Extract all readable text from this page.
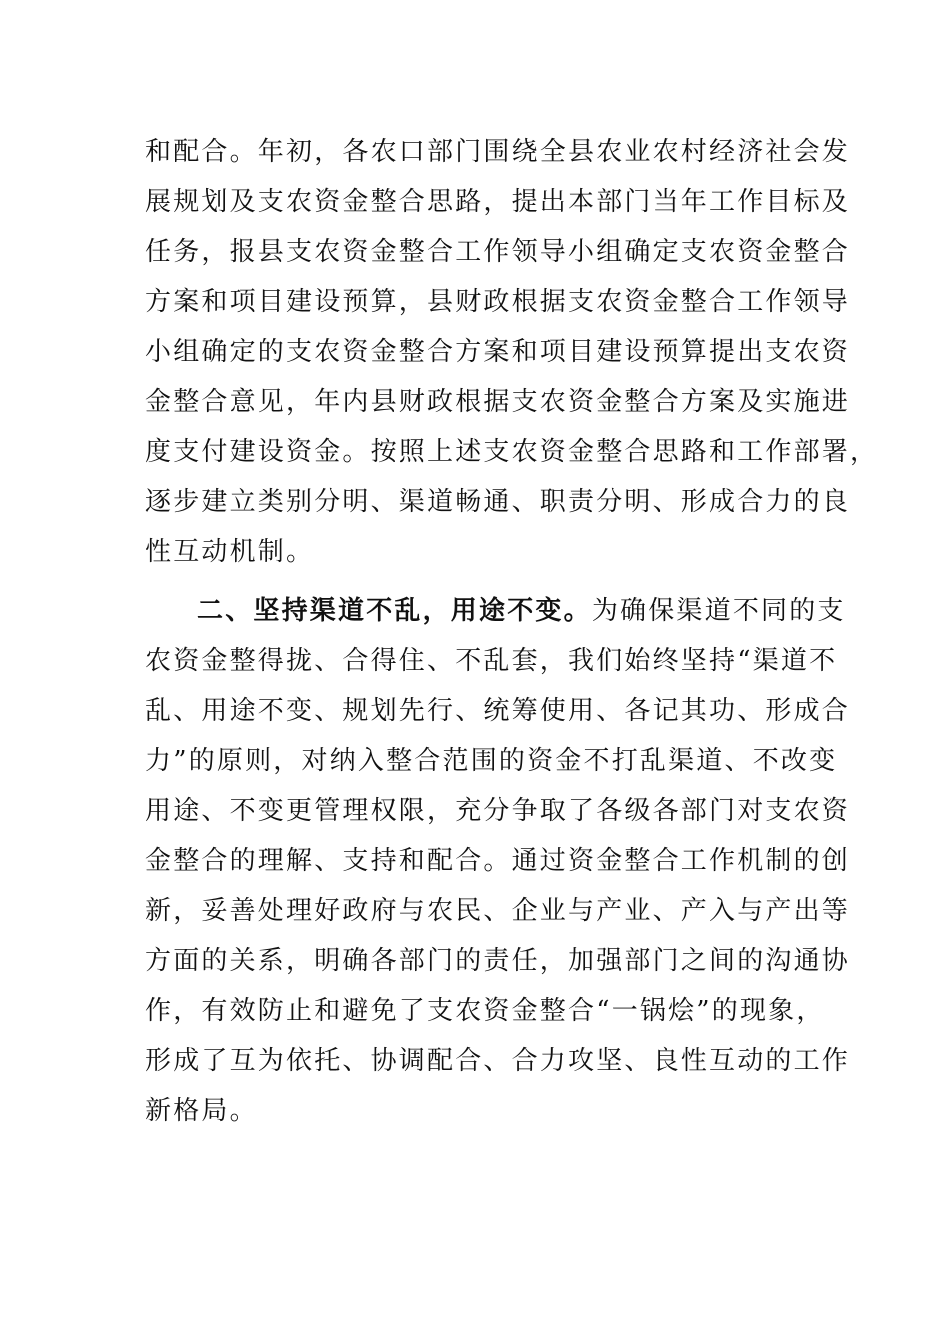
和配合。年初，各农口部门围绕全县农业农村经济社会发
展规划及支农资金整合思路，提出本部门当年工作目标及
任务，报县支农资金整合工作领导小组确定支农资金整合
方案和项目建设预算，县财政根据支农资金整合工作领导
小组确定的支农资金整合方案和项目建设预算提出支农资
金整合意见，年内县财政根据支农资金整合方案及实施进
度支付建设资金。按照上述支农资金整合思路和工作部署，
逐步建立类别分明、渠道畅通、职责分明、形成合力的良
性互动机制。
二、坚持渠道不乱，用途不变。为确保渠道不同的支
农资金整得拢、合得住、不乱套，我们始终坚持“渠道不
乱、用途不变、规划先行、统筹使用、各记其功、形成合
力”的原则，对纳入整合范围的资金不打乱渠道、不改变
用途、不变更管理权限，充分争取了各级各部门对支农资
金整合的理解、支持和配合。通过资金整合工作机制的创
新，妥善处理好政府与农民、企业与产业、产入与产出等
方面的关系，明确各部门的责任，加强部门之间的沟通协
作，有效防止和避免了支农资金整合“一锅烩”的现象，
形成了互为依托、协调配合、合力攻坚、良性互动的工作
新格局。
